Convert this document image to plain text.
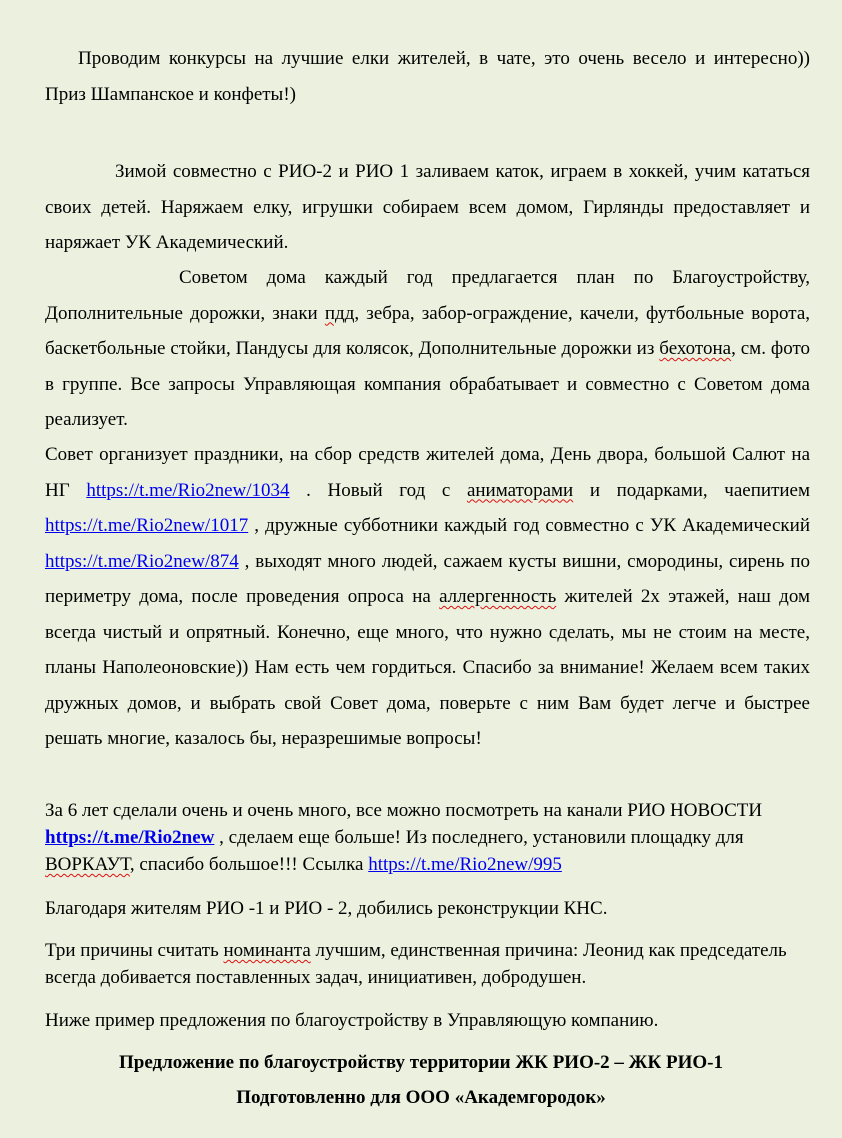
Проводим конкурсы на лучшие елки жителей, в чате, это очень весело и интересно)) Приз Шампанское и конфеты!)

Зимой совместно с РИО-2 и РИО 1 заливаем каток, играем в хоккей, учим кататься своих детей. Наряжаем елку, игрушки собираем всем домом, Гирлянды предоставляет и наряжает УК Академический.

Советом дома каждый год предлагается план по Благоустройству, Дополнительные дорожки, знаки пдд, зебра, забор-ограждение, качели, футбольные ворота, баскетбольные стойки, Пандусы для колясок, Дополнительные дорожки из бехотона, см. фото в группе. Все запросы Управляющая компания обрабатывает и совместно с Советом дома реализует.

Совет организует праздники, на сбор средств жителей дома, День двора, большой Салют на НГ https://t.me/Rio2new/1034 . Новый год с аниматорами и подарками, чаепитием https://t.me/Rio2new/1017 , дружные субботники каждый год совместно с УК Академический https://t.me/Rio2new/874 , выходят много людей, сажаем кусты вишни, смородины, сирень по периметру дома, после проведения опроса на аллергенность жителей 2х этажей, наш дом всегда чистый и опрятный. Конечно, еще много, что нужно сделать, мы не стоим на месте, планы Наполеоновские)) Нам есть чем гордиться. Спасибо за внимание! Желаем всем таких дружных домов, и выбрать свой Совет дома, поверьте с ним Вам будет легче и быстрее решать многие, казалось бы, неразрешимые вопросы!

За 6 лет сделали очень и очень много, все можно посмотреть на канали РИО НОВОСТИ https://t.me/Rio2new , сделаем еще больше! Из последнего, установили площадку для ВОРКАУТ, спасибо большое!!! Ссылка https://t.me/Rio2new/995

Благодаря жителям РИО -1 и РИО - 2, добились реконструкции КНС.

Три причины считать номинанта лучшим, единственная причина: Леонид как председатель всегда добивается поставленных задач, инициативен, добродушен.

Ниже пример предложения по благоустройству в Управляющую компанию.

Предложение по благоустройству территории ЖК РИО-2 – ЖК РИО-1

Подготовленно для ООО «Академгородок»
